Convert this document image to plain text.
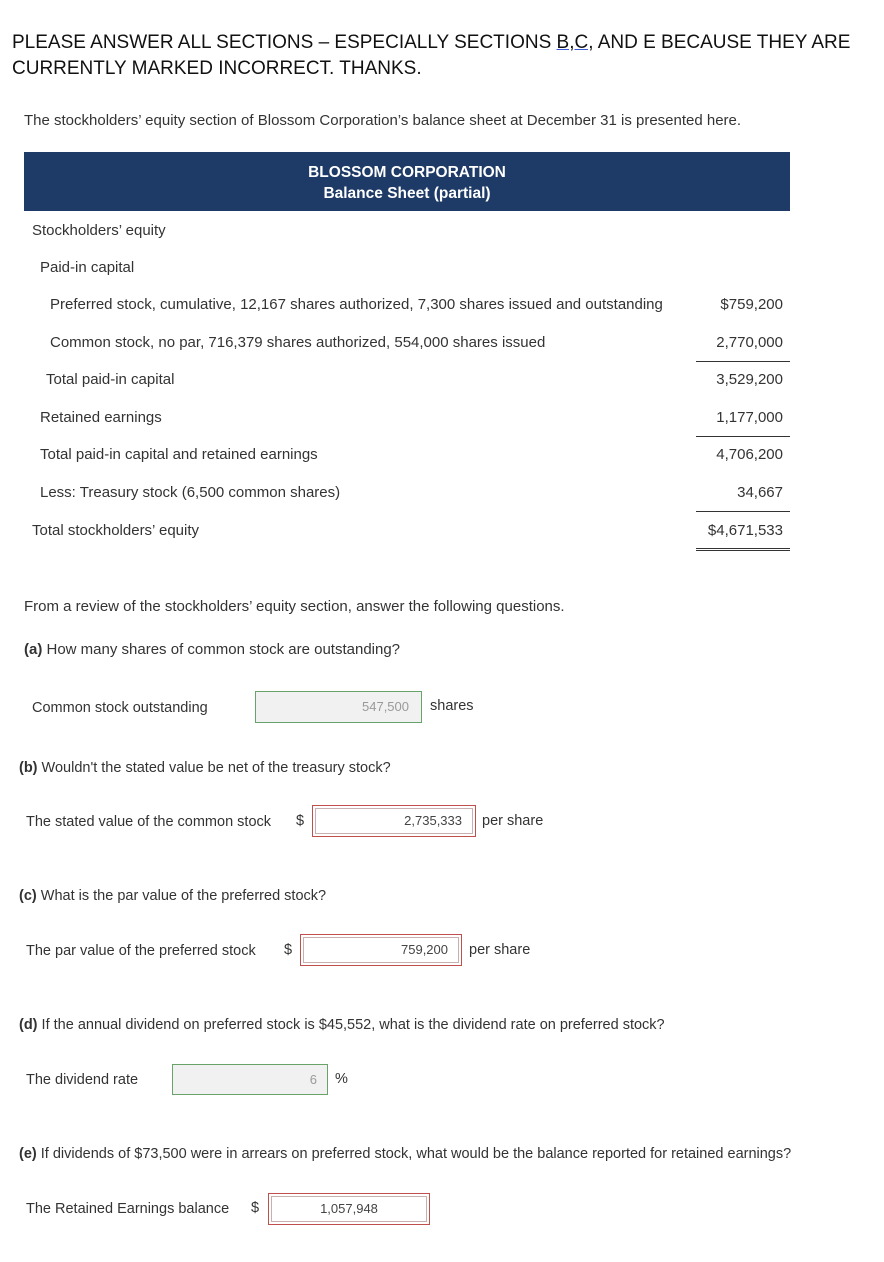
PLEASE ANSWER ALL SECTIONS – ESPECIALLY SECTIONS B,C, AND E BECAUSE THEY ARE
CURRENTLY MARKED INCORRECT. THANKS.
The stockholders’ equity section of Blossom Corporation’s balance sheet at December 31 is presented here.
BLOSSOM CORPORATION
Balance Sheet (partial)
Stockholders’ equity
Paid-in capital
Preferred stock, cumulative, 12,167 shares authorized, 7,300 shares issued and outstanding	$759,200
Common stock, no par, 716,379 shares authorized, 554,000 shares issued	2,770,000
Total paid-in capital	3,529,200
Retained earnings	1,177,000
Total paid-in capital and retained earnings	4,706,200
Less: Treasury stock (6,500 common shares)	34,667
Total stockholders’ equity	$4,671,533
From a review of the stockholders’ equity section, answer the following questions.
(a) How many shares of common stock are outstanding?
Common stock outstanding	547,500	shares
(b) Wouldn't the stated value be net of the treasury stock?
The stated value of the common stock $	2,735,333	per share
(c) What is the par value of the preferred stock?
The par value of the preferred stock $	759,200	per share
(d) If the annual dividend on preferred stock is $45,552, what is the dividend rate on preferred stock?
The dividend rate	6	%
(e) If dividends of $73,500 were in arrears on preferred stock, what would be the balance reported for retained earnings?
The Retained Earnings balance $	1,057,948
